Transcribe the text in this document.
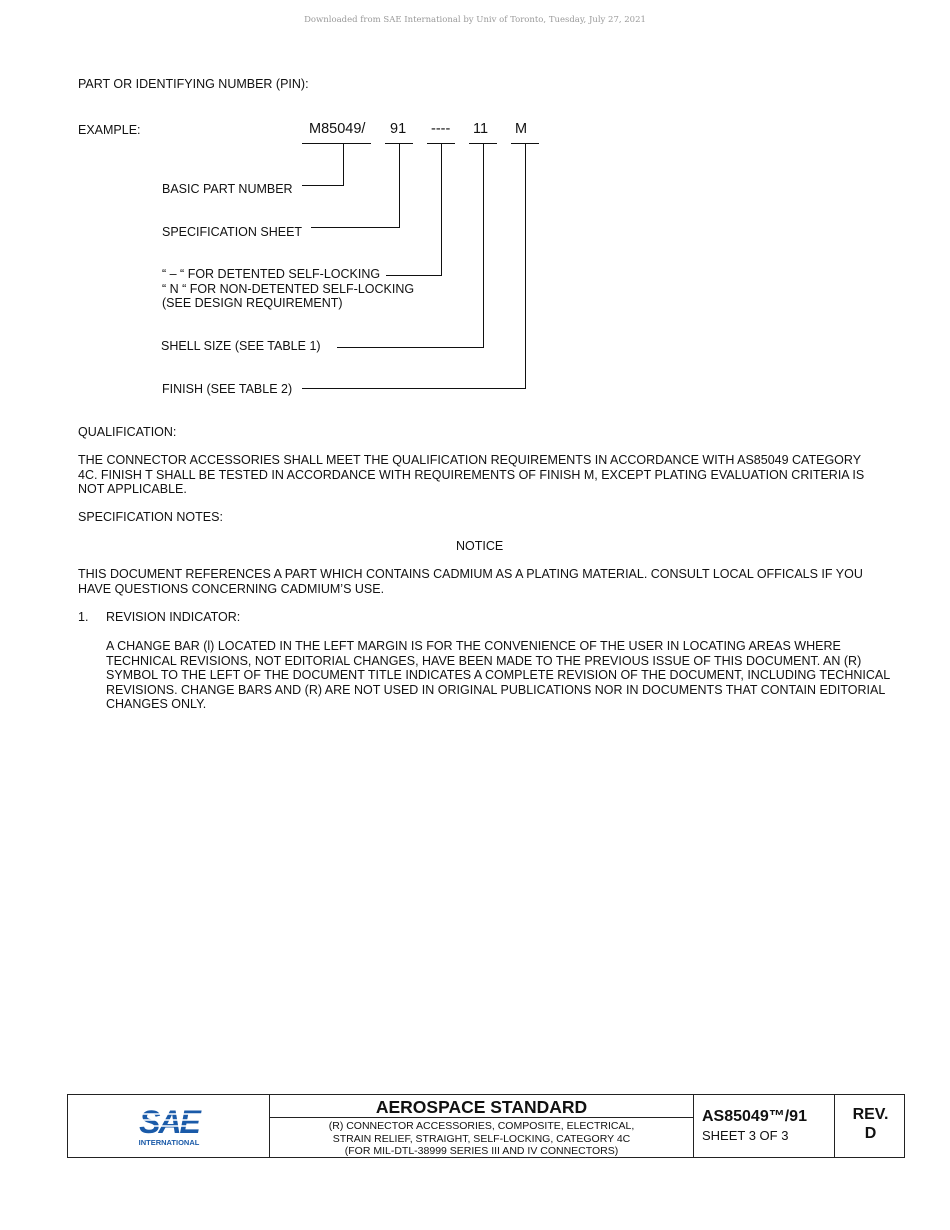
Downloaded from SAE International by Univ of Toronto, Tuesday, July 27, 2021
PART OR IDENTIFYING NUMBER (PIN):
EXAMPLE:	M85049/ 91 ---- 11 M
BASIC PART NUMBER
SPECIFICATION SHEET
“ – “ FOR DETENTED SELF-LOCKING
“ N “ FOR NON-DETENTED SELF-LOCKING
(SEE DESIGN REQUIREMENT)
SHELL SIZE (SEE TABLE 1)
FINISH (SEE TABLE 2)
QUALIFICATION:
THE CONNECTOR ACCESSORIES SHALL MEET THE QUALIFICATION REQUIREMENTS IN ACCORDANCE WITH AS85049 CATEGORY
4C. FINISH T SHALL BE TESTED IN ACCORDANCE WITH REQUIREMENTS OF FINISH M, EXCEPT PLATING EVALUATION CRITERIA IS
NOT APPLICABLE.
SPECIFICATION NOTES:
NOTICE
THIS DOCUMENT REFERENCES A PART WHICH CONTAINS CADMIUM AS A PLATING MATERIAL. CONSULT LOCAL OFFICALS IF YOU
HAVE QUESTIONS CONCERNING CADMIUM’S USE.
1. REVISION INDICATOR:
A CHANGE BAR (l) LOCATED IN THE LEFT MARGIN IS FOR THE CONVENIENCE OF THE USER IN LOCATING AREAS WHERE
TECHNICAL REVISIONS, NOT EDITORIAL CHANGES, HAVE BEEN MADE TO THE PREVIOUS ISSUE OF THIS DOCUMENT. AN (R)
SYMBOL TO THE LEFT OF THE DOCUMENT TITLE INDICATES A COMPLETE REVISION OF THE DOCUMENT, INCLUDING TECHNICAL
REVISIONS. CHANGE BARS AND (R) ARE NOT USED IN ORIGINAL PUBLICATIONS NOR IN DOCUMENTS THAT CONTAIN EDITORIAL
CHANGES ONLY.
SAE
INTERNATIONAL
AEROSPACE STANDARD
(R) CONNECTOR ACCESSORIES, COMPOSITE, ELECTRICAL,
STRAIN RELIEF, STRAIGHT, SELF-LOCKING, CATEGORY 4C
(FOR MIL-DTL-38999 SERIES III AND IV CONNECTORS)
AS85049™/91
SHEET 3 OF 3
REV.
D
